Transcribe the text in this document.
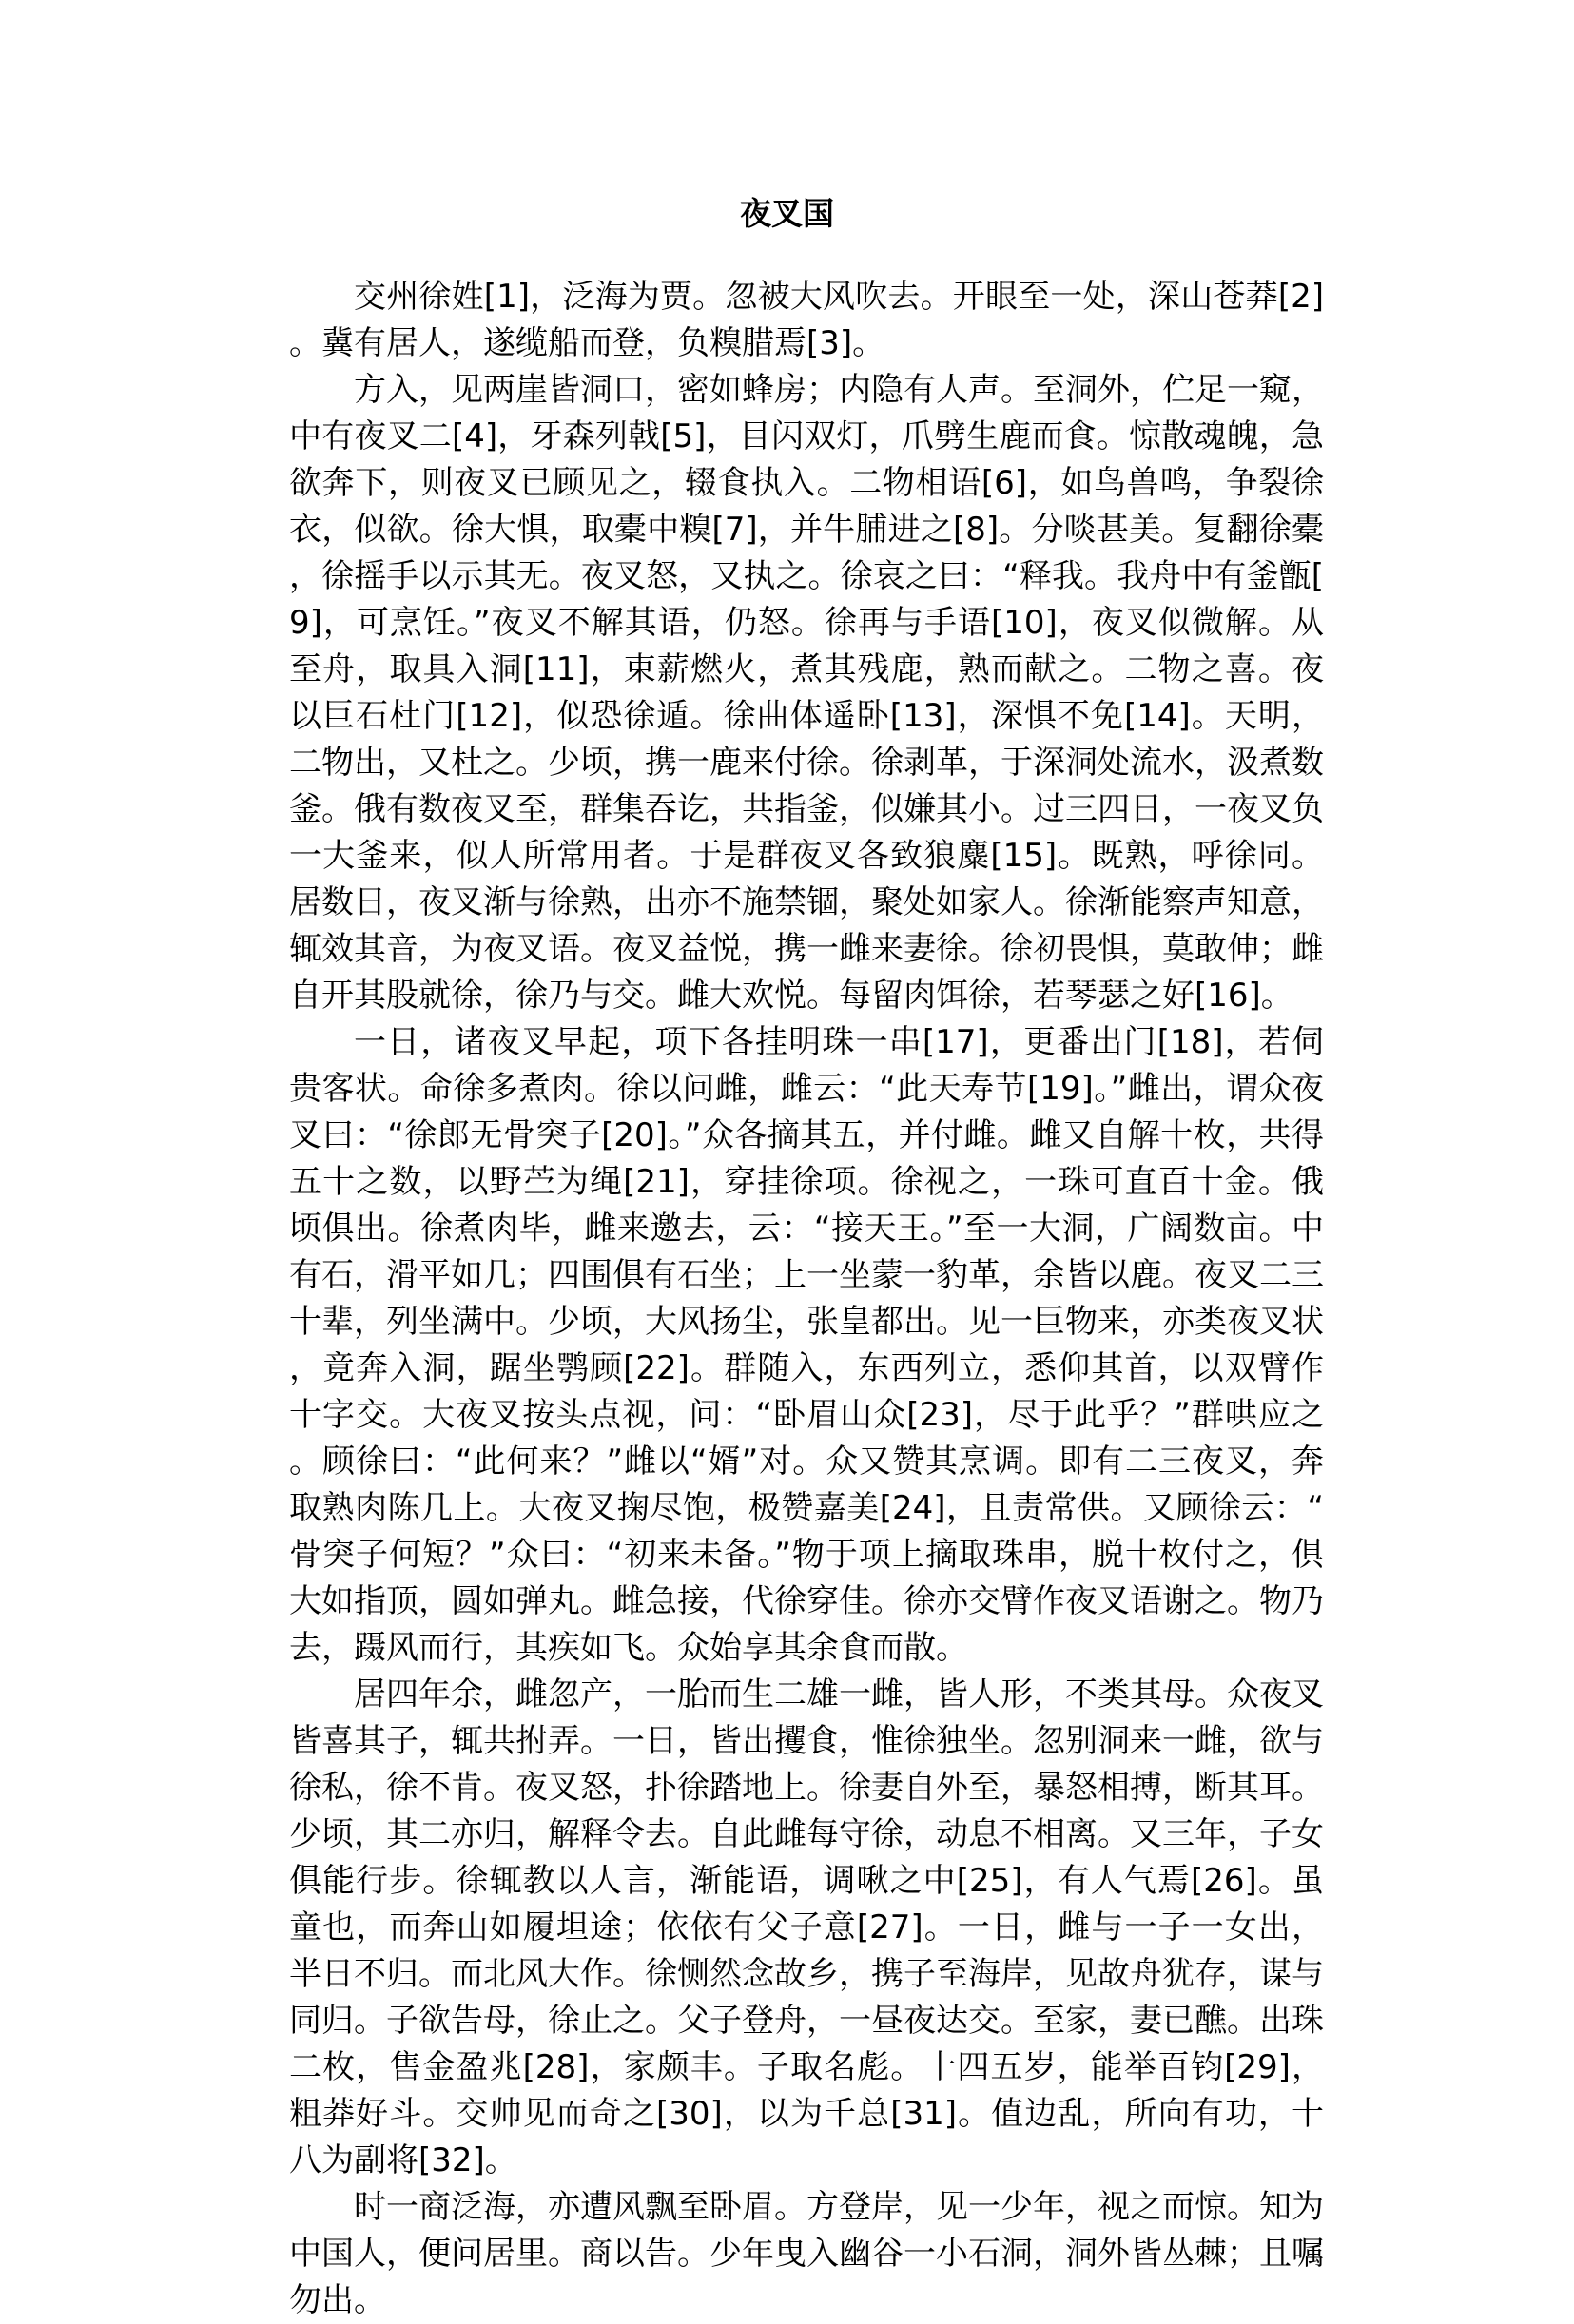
夜叉国

交州徐姓[1]，泛海为贾。忽被大风吹去。开眼至一处，深山苍莽[2]。冀有居人，遂缆船而登，负糗腊焉[3]。

方入，见两崖皆洞口，密如蜂房；内隐有人声。至洞外，伫足一窥，中有夜叉二[4]，牙森列戟[5]，目闪双灯，爪劈生鹿而食。惊散魂魄，急欲奔下，则夜叉已顾见之，辍食执入。二物相语[6]，如鸟兽鸣，争裂徐衣，似欲。徐大惧，取橐中糗[7]，并牛脯进之[8]。分啖甚美。复翻徐橐，徐摇手以示其无。夜叉怒，又执之。徐哀之曰：“释我。我舟中有釜甑[9]，可烹饪。”夜叉不解其语，仍怒。徐再与手语[10]，夜叉似微解。从至舟，取具入洞[11]，束薪燃火，煮其残鹿，熟而献之。二物之喜。夜以巨石杜门[12]，似恐徐遁。徐曲体遥卧[13]，深惧不免[14]。天明，二物出，又杜之。少顷，携一鹿来付徐。徐剥革，于深洞处流水，汲煮数釜。俄有数夜叉至，群集吞讫，共指釜，似嫌其小。过三四日，一夜叉负一大釜来，似人所常用者。于是群夜叉各致狼麋[15]。既熟，呼徐同。居数日，夜叉渐与徐熟，出亦不施禁锢，聚处如家人。徐渐能察声知意，辄效其音，为夜叉语。夜叉益悦，携一雌来妻徐。徐初畏惧，莫敢伸；雌自开其股就徐，徐乃与交。雌大欢悦。每留肉饵徐，若琴瑟之好[16]。

一日，诸夜叉早起，项下各挂明珠一串[17]，更番出门[18]，若伺贵客状。命徐多煮肉。徐以问雌，雌云：“此天寿节[19]。”雌出，谓众夜叉曰：“徐郎无骨突子[20]。”众各摘其五，并付雌。雌又自解十枚，共得五十之数，以野苎为绳[21]，穿挂徐项。徐视之，一珠可直百十金。俄顷俱出。徐煮肉毕，雌来邀去，云：“接天王。”至一大洞，广阔数亩。中有石，滑平如几；四围俱有石坐；上一坐蒙一豹革，余皆以鹿。夜叉二三十辈，列坐满中。少顷，大风扬尘，张皇都出。见一巨物来，亦类夜叉状，竟奔入洞，踞坐鹗顾[22]。群随入，东西列立，悉仰其首，以双臂作十字交。大夜叉按头点视，问：“卧眉山众[23]，尽于此乎？”群哄应之。顾徐曰：“此何来？”雌以“婿”对。众又赞其烹调。即有二三夜叉，奔取熟肉陈几上。大夜叉掬尽饱，极赞嘉美[24]，且责常供。又顾徐云：“骨突子何短？”众曰：“初来未备。”物于项上摘取珠串，脱十枚付之，俱大如指顶，圆如弹丸。雌急接，代徐穿佳。徐亦交臂作夜叉语谢之。物乃去，蹑风而行，其疾如飞。众始享其余食而散。

居四年余，雌忽产，一胎而生二雄一雌，皆人形，不类其母。众夜叉皆喜其子，辄共拊弄。一日，皆出攫食，惟徐独坐。忽别洞来一雌，欲与徐私，徐不肯。夜叉怒，扑徐踏地上。徐妻自外至，暴怒相搏，断其耳。少顷，其二亦归，解释令去。自此雌每守徐，动息不相离。又三年，子女俱能行步。徐辄教以人言，渐能语，调啾之中[25]，有人气焉[26]。虽童也，而奔山如履坦途；依依有父子意[27]。一日，雌与一子一女出，半日不归。而北风大作。徐恻然念故乡，携子至海岸，见故舟犹存，谋与同归。子欲告母，徐止之。父子登舟，一昼夜达交。至家，妻已醮。出珠二枚，售金盈兆[28]，家颇丰。子取名彪。十四五岁，能举百钧[29]，粗莽好斗。交帅见而奇之[30]，以为千总[31]。值边乱，所向有功，十八为副将[32]。

时一商泛海，亦遭风飘至卧眉。方登岸，见一少年，视之而惊。知为中国人，便问居里。商以告。少年曳入幽谷一小石洞，洞外皆丛棘；且嘱勿出。
